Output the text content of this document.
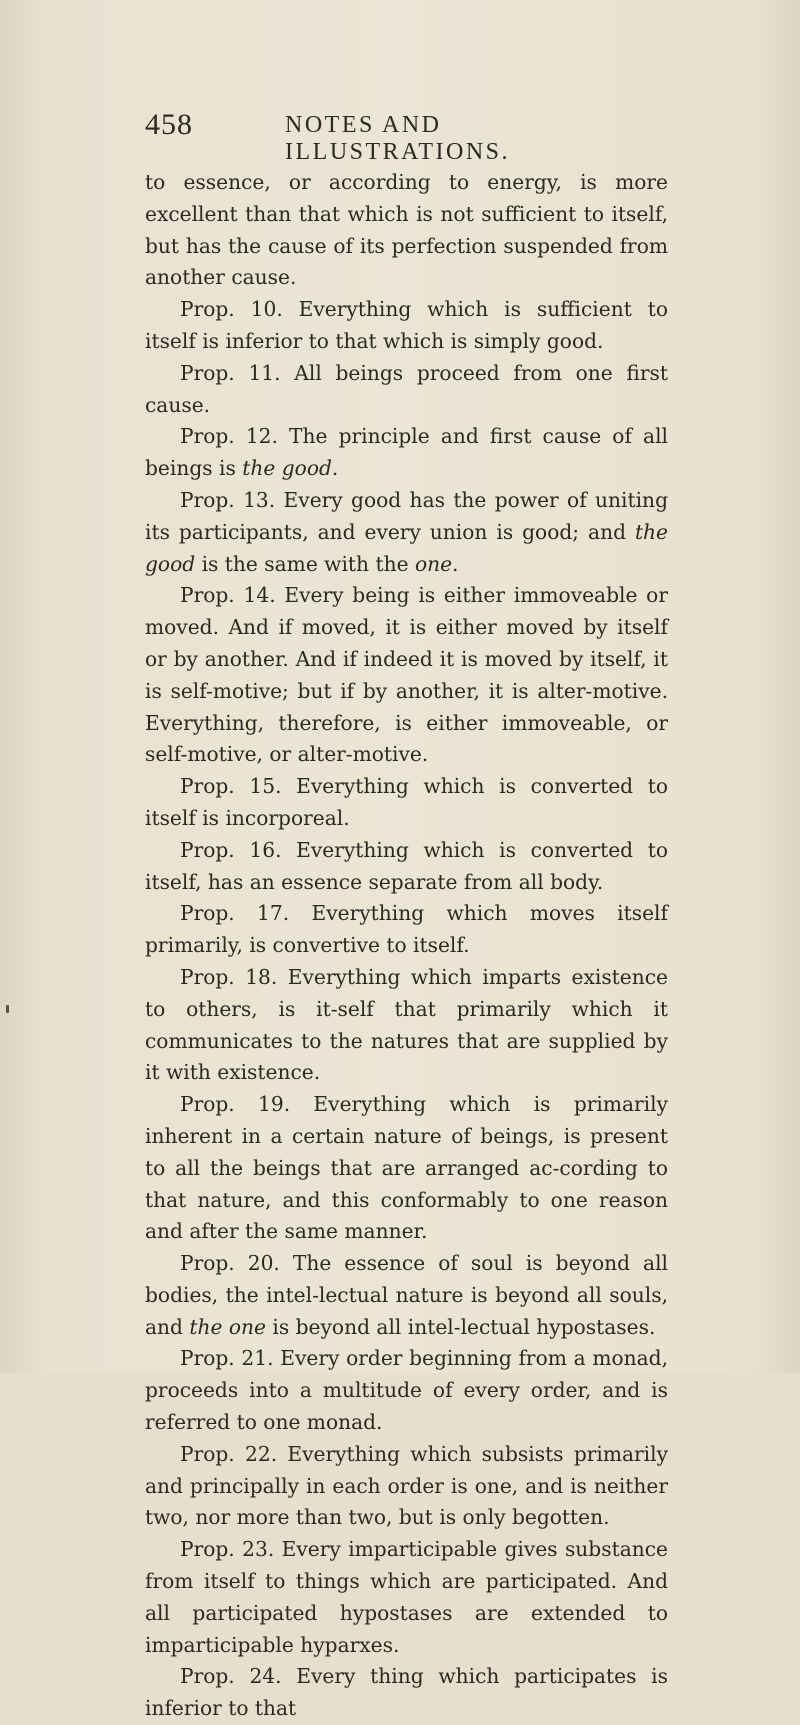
458	NOTES AND ILLUSTRATIONS.

to essence, or according to energy, is more excellent than that which is not sufficient to itself, but has the cause of its perfection suspended from another cause.

Prop. 10. Everything which is sufficient to itself is inferior to that which is simply good.

Prop. 11. All beings proceed from one first cause.

Prop. 12. The principle and first cause of all beings is the good.

Prop. 13. Every good has the power of uniting its participants, and every union is good; and the good is the same with the one.

Prop. 14. Every being is either immoveable or moved. And if moved, it is either moved by itself or by another. And if indeed it is moved by itself, it is self-motive; but if by another, it is alter-motive. Everything, therefore, is either immoveable, or self-motive, or alter-motive.

Prop. 15. Everything which is converted to itself is incorporeal.

Prop. 16. Everything which is converted to itself, has an essence separate from all body.

Prop. 17. Everything which moves itself primarily, is convertive to itself.

Prop. 18. Everything which imparts existence to others, is it-self that primarily which it communicates to the natures that are supplied by it with existence.

Prop. 19. Everything which is primarily inherent in a certain nature of beings, is present to all the beings that are arranged ac-cording to that nature, and this conformably to one reason and after the same manner.

Prop. 20. The essence of soul is beyond all bodies, the intel-lectual nature is beyond all souls, and the one is beyond all intel-lectual hypostases.

Prop. 21. Every order beginning from a monad, proceeds into a multitude of every order, and is referred to one monad.

Prop. 22. Everything which subsists primarily and principally in each order is one, and is neither two, nor more than two, but is only begotten.

Prop. 23. Every imparticipable gives substance from itself to things which are participated. And all participated hypostases are extended to imparticipable hyparxes.

Prop. 24. Every thing which participates is inferior to that
